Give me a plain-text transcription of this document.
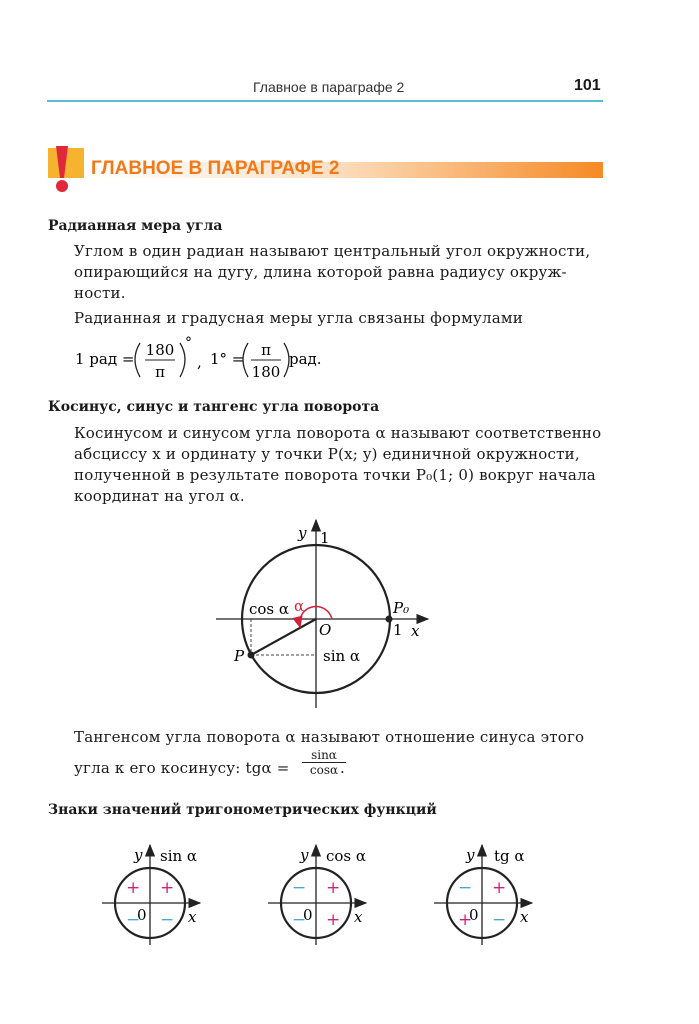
Главное в параграфе 2	101
ГЛАВНОЕ В ПАРАГРАФЕ 2
Радианная мера угла
Углом в один радиан называют центральный угол окружности,
опирающийся на дугу, длина которой равна радиусу окруж-
ности.
Радианная и градусная меры угла связаны формулами
1 рад = 180
π
°
, 1° = π
180
рад.
Косинус, синус и тангенс угла поворота
Косинусом и синусом угла поворота α называют соответственно
абсциссу x и ординату y точки P(x; y) единичной окружности,
полученной в результате поворота точки P₀(1; 0) вокруг начала
координат на угол α.
y 1
x
1
O
P
P₀
α
cos α
sin α
Тангенсом угла поворота α называют отношение синуса этого
угла к его косинусу: $tg\alpha = \frac{\sin\alpha}{\cos\alpha}$
.
Знаки значений тригонометрических функций
y sin α
x
0
+
+
− −
y cos α
x
0
+
−
− +
y tg α
x
0
+
−
+ −
